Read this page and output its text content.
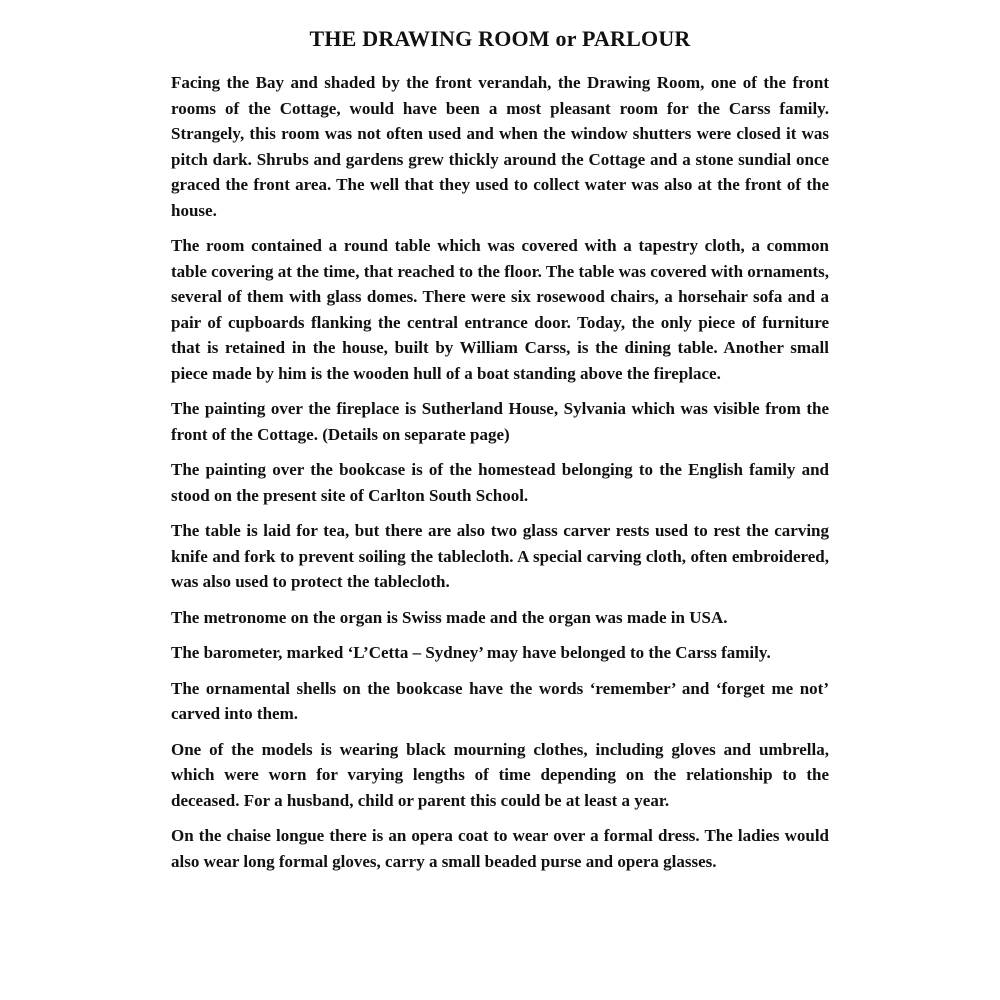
THE DRAWING ROOM or PARLOUR

Facing the Bay and shaded by the front verandah, the Drawing Room, one of the front rooms of the Cottage, would have been a most pleasant room for the Carss family. Strangely, this room was not often used and when the window shutters were closed it was pitch dark. Shrubs and gardens grew thickly around the Cottage and a stone sundial once graced the front area. The well that they used to collect water was also at the front of the house.

The room contained a round table which was covered with a tapestry cloth, a common table covering at the time, that reached to the floor. The table was covered with ornaments, several of them with glass domes. There were six rosewood chairs, a horsehair sofa and a pair of cupboards flanking the central entrance door. Today, the only piece of furniture that is retained in the house, built by William Carss, is the dining table. Another small piece made by him is the wooden hull of a boat standing above the fireplace.

The painting over the fireplace is Sutherland House, Sylvania which was visible from the front of the Cottage. (Details on separate page)

The painting over the bookcase is of the homestead belonging to the English family and stood on the present site of Carlton South School.

The table is laid for tea, but there are also two glass carver rests used to rest the carving knife and fork to prevent soiling the tablecloth. A special carving cloth, often embroidered, was also used to protect the tablecloth.

The metronome on the organ is Swiss made and the organ was made in USA.

The barometer, marked ‘L’Cetta – Sydney’ may have belonged to the Carss family.

The ornamental shells on the bookcase have the words ‘remember’ and ‘forget me not’ carved into them.

One of the models is wearing black mourning clothes, including gloves and umbrella, which were worn for varying lengths of time depending on the relationship to the deceased. For a husband, child or parent this could be at least a year.

On the chaise longue there is an opera coat to wear over a formal dress. The ladies would also wear long formal gloves, carry a small beaded purse and opera glasses.
